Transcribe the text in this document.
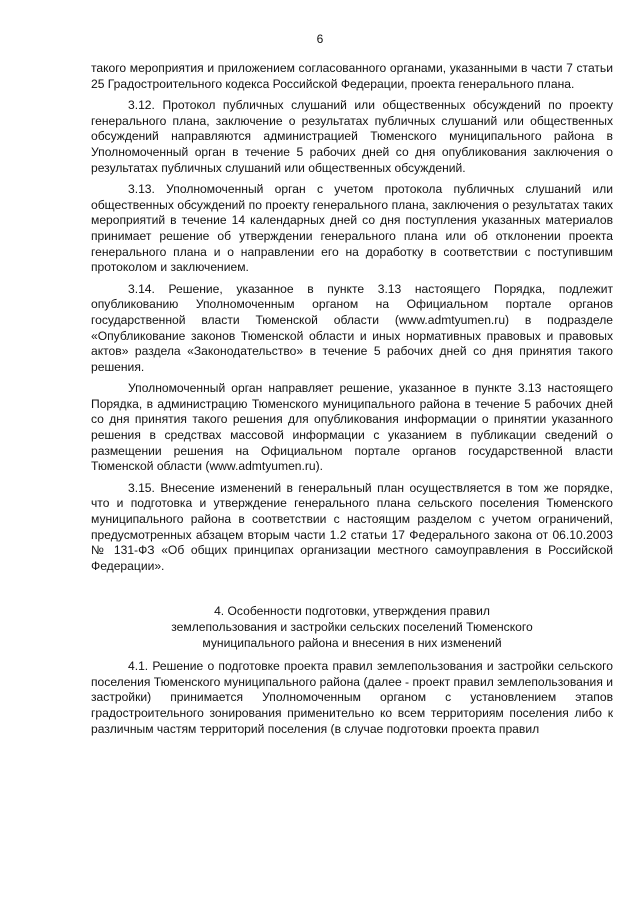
6

такого мероприятия и приложением согласованного органами, указанными в части 7 статьи 25 Градостроительного кодекса Российской Федерации, проекта генерального плана.

3.12. Протокол публичных слушаний или общественных обсуждений по проекту генерального плана, заключение о результатах публичных слушаний или общественных обсуждений направляются администрацией Тюменского муниципального района в Уполномоченный орган в течение 5 рабочих дней со дня опубликования заключения о результатах публичных слушаний или общественных обсуждений.

3.13. Уполномоченный орган с учетом протокола публичных слушаний или общественных обсуждений по проекту генерального плана, заключения о результатах таких мероприятий в течение 14 календарных дней со дня поступления указанных материалов принимает решение об утверждении генерального плана или об отклонении проекта генерального плана и о направлении его на доработку в соответствии с поступившим протоколом и заключением.

3.14. Решение, указанное в пункте 3.13 настоящего Порядка, подлежит опубликованию Уполномоченным органом на Официальном портале органов государственной власти Тюменской области (www.admtyumen.ru) в подразделе «Опубликование законов Тюменской области и иных нормативных правовых и правовых актов» раздела «Законодательство» в течение 5 рабочих дней со дня принятия такого решения.

Уполномоченный орган направляет решение, указанное в пункте 3.13 настоящего Порядка, в администрацию Тюменского муниципального района в течение 5 рабочих дней со дня принятия такого решения для опубликования информации о принятии указанного решения в средствах массовой информации с указанием в публикации сведений о размещении решения на Официальном портале органов государственной власти Тюменской области (www.admtyumen.ru).

3.15. Внесение изменений в генеральный план осуществляется в том же порядке, что и подготовка и утверждение генерального плана сельского поселения Тюменского муниципального района в соответствии с настоящим разделом с учетом ограничений, предусмотренных абзацем вторым части 1.2 статьи 17 Федерального закона от 06.10.2003 № 131-ФЗ «Об общих принципах организации местного самоуправления в Российской Федерации».

4. Особенности подготовки, утверждения правил
землепользования и застройки сельских поселений Тюменского
муниципального района и внесения в них изменений

4.1. Решение о подготовке проекта правил землепользования и застройки сельского поселения Тюменского муниципального района (далее - проект правил землепользования и застройки) принимается Уполномоченным органом с установлением этапов градостроительного зонирования применительно ко всем территориям поселения либо к различным частям территорий поселения (в случае подготовки проекта правил
